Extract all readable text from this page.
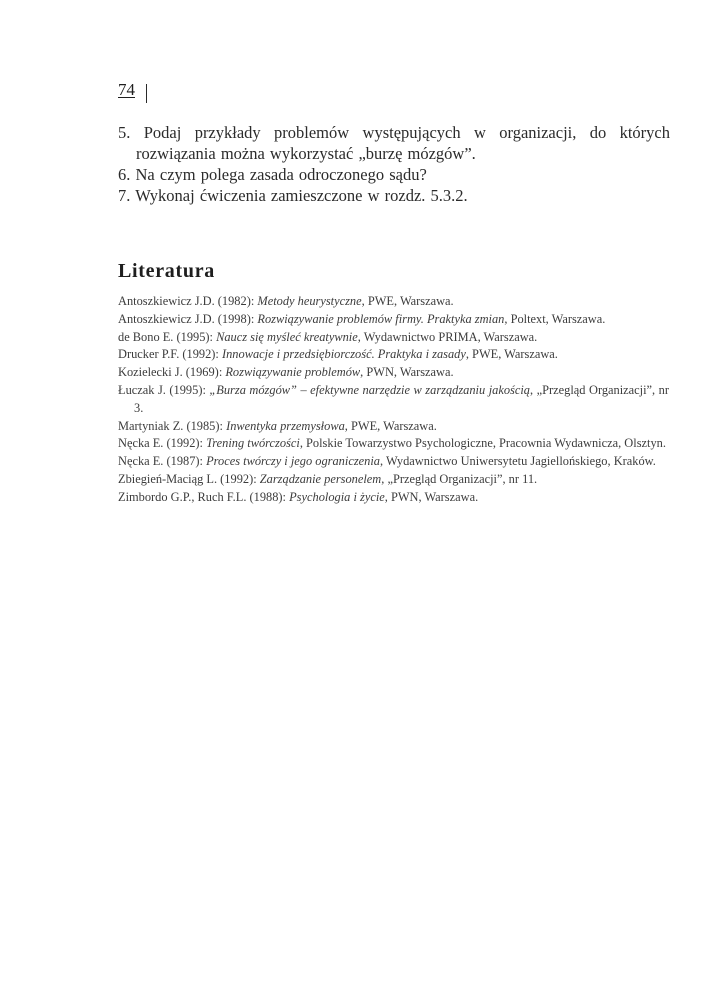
74
5. Podaj przykłady problemów występujących w organizacji, do których rozwiązania można wykorzystać „burzę mózgów”.
6. Na czym polega zasada odroczonego sądu?
7. Wykonaj ćwiczenia zamieszczone w rozdz. 5.3.2.
Literatura
Antoszkiewicz J.D. (1982): Metody heurystyczne, PWE, Warszawa.
Antoszkiewicz J.D. (1998): Rozwiązywanie problemów firmy. Praktyka zmian, Poltext, Warszawa.
de Bono E. (1995): Naucz się myśleć kreatywnie, Wydawnictwo PRIMA, Warszawa.
Drucker P.F. (1992): Innowacje i przedsiębiorczość. Praktyka i zasady, PWE, Warszawa.
Kozielecki J. (1969): Rozwiązywanie problemów, PWN, Warszawa.
Łuczak J. (1995): „Burza mózgów” – efektywne narzędzie w zarządzaniu jakością, „Przegląd Organizacji”, nr 3.
Martyniak Z. (1985): Inwentyka przemysłowa, PWE, Warszawa.
Nęcka E. (1992): Trening twórczości, Polskie Towarzystwo Psychologiczne, Pracownia Wydawnicza, Olsztyn.
Nęcka E. (1987): Proces twórczy i jego ograniczenia, Wydawnictwo Uniwersytetu Jagiellońskiego, Kraków.
Zbiegień-Maciąg L. (1992): Zarządzanie personelem, „Przegląd Organizacji”, nr 11.
Zimbordo G.P., Ruch F.L. (1988): Psychologia i życie, PWN, Warszawa.
